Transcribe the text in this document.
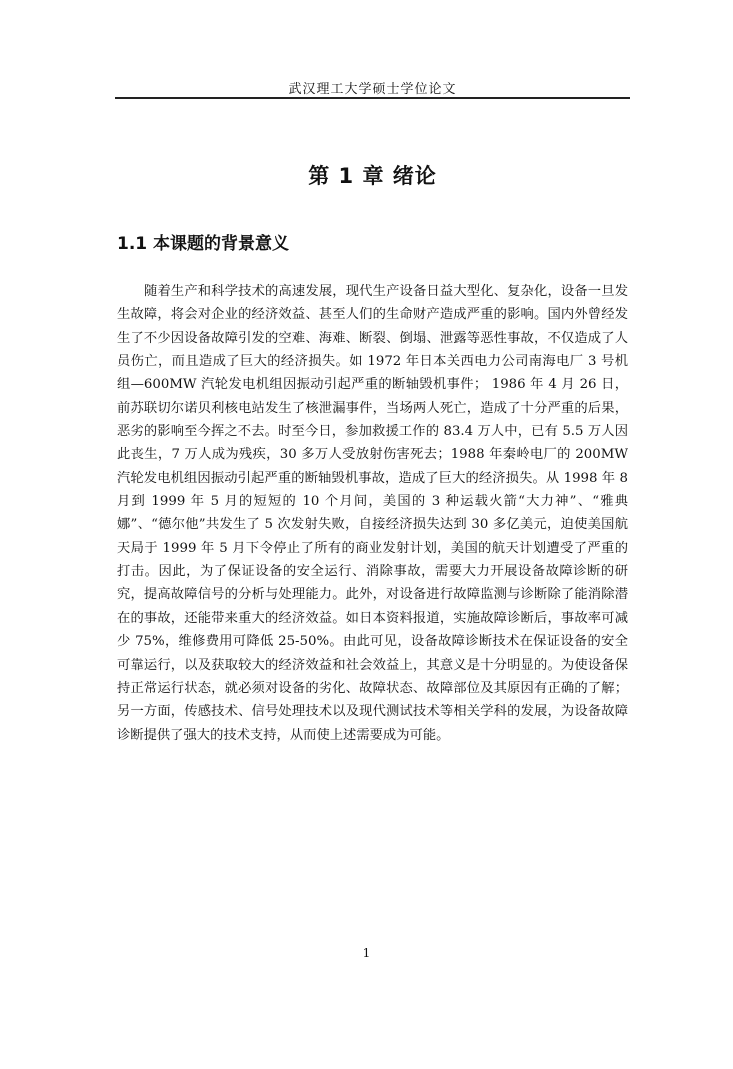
武汉理工大学硕士学位论文
第 1 章 绪论
1.1 本课题的背景意义

随着生产和科学技术的高速发展，现代生产设备日益大型化、复杂化，设备一旦发生故障，将会对企业的经济效益、甚至人们的生命财产造成严重的影响。国内外曾经发生了不少因设备故障引发的空难、海难、断裂、倒塌、泄露等恶性事故，不仅造成了人员伤亡，而且造成了巨大的经济损失。如 1972 年日本关西电力公司南海电厂 3 号机组—600MW 汽轮发电机组因振动引起严重的断轴毁机事件； 1986 年 4 月 26 日，前苏联切尔诺贝利核电站发生了核泄漏事件，当场两人死亡，造成了十分严重的后果，恶劣的影响至今挥之不去。时至今日，参加救援工作的 83.4 万人中，已有 5.5 万人因此丧生，7 万人成为残疾，30 多万人受放射伤害死去；1988 年秦岭电厂的 200MW 汽轮发电机组因振动引起严重的断轴毁机事故，造成了巨大的经济损失。从 1998 年 8 月到 1999 年 5 月的短短的 10 个月间，美国的 3 种运载火箭“大力神”、“雅典娜”、“德尔他”共发生了 5 次发射失败，自接经济损失达到 30 多亿美元，迫使美国航天局于 1999 年 5 月下令停止了所有的商业发射计划，美国的航天计划遭受了严重的打击。因此，为了保证设备的安全运行、消除事故，需要大力开展设备故障诊断的研究，提高故障信号的分析与处理能力。此外，对设备进行故障监测与诊断除了能消除潜在的事故，还能带来重大的经济效益。如日本资料报道，实施故障诊断后，事故率可减少 75%，维修费用可降低 25-50%。由此可见，设备故障诊断技术在保证设备的安全可靠运行，以及获取较大的经济效益和社会效益上，其意义是十分明显的。为使设备保持正常运行状态，就必须对设备的劣化、故障状态、故障部位及其原因有正确的了解；另一方面，传感技术、信号处理技术以及现代测试技术等相关学科的发展，为设备故障诊断提供了强大的技术支持，从而使上述需要成为可能。

1
